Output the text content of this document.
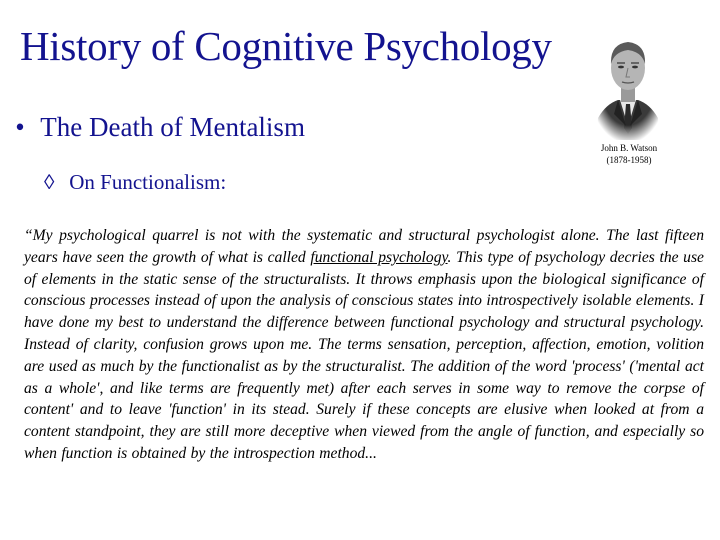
History of Cognitive Psychology
• The Death of Mentalism
◊ On Functionalism:
John B. Watson
(1878-1958)
“My psychological quarrel is not with the systematic and structural psychologist alone. The last fifteen years have seen the growth of what is called functional psychology. This type of psychology decries the use of elements in the static sense of the structuralists. It throws emphasis upon the biological significance of conscious processes instead of upon the analysis of conscious states into introspectively isolable elements. I have done my best to understand the difference between functional psychology and structural psychology. Instead of clarity, confusion grows upon me. The terms sensation, perception, affection, emotion, volition are used as much by the functionalist as by the structuralist. The addition of the word 'process' ('mental act as a whole', and like terms are frequently met) after each serves in some way to remove the corpse of content' and to leave 'function' in its stead. Surely if these concepts are elusive when looked at from a content standpoint, they are still more deceptive when viewed from the angle of function, and especially so when function is obtained by the introspection method...
